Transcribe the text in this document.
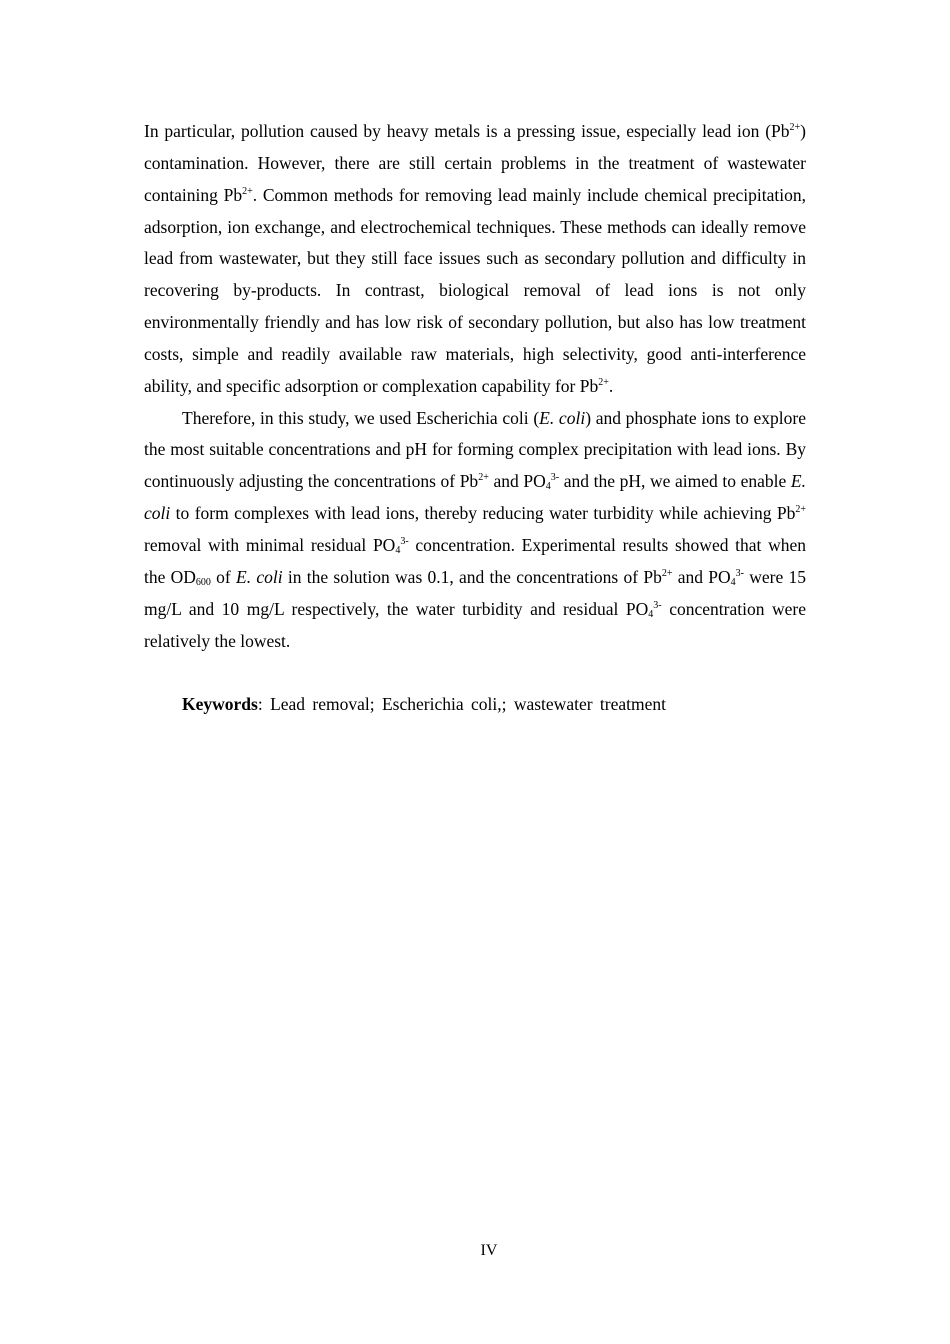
In particular, pollution caused by heavy metals is a pressing issue, especially lead ion $(Pb^{2+})$ contamination. However, there are still certain problems in the treatment of wastewater containing $Pb^{2+}$. Common methods for removing lead mainly include chemical precipitation, adsorption, ion exchange, and electrochemical techniques. These methods can ideally remove lead from wastewater, but they still face issues such as secondary pollution and difficulty in recovering by-products. In contrast, biological removal of lead ions is not only environmentally friendly and has low risk of secondary pollution, but also has low treatment costs, simple and readily available raw materials, high selectivity, good anti-interference ability, and specific adsorption or complexation capability for $Pb^{2+}$.

Therefore, in this study, we used Escherichia coli (E. coli) and phosphate ions to explore the most suitable concentrations and pH for forming complex precipitation with lead ions. By continuously adjusting the concentrations of $Pb^{2+}$ and $PO_4^{3-}$ and the pH, we aimed to enable E. coli to form complexes with lead ions, thereby reducing water turbidity while achieving $Pb^{2+}$ removal with minimal residual $PO_4^{3-}$ concentration. Experimental results showed that when the $OD_{600}$ of E. coli in the solution was 0.1, and the concentrations of $Pb^{2+}$ and $PO_4^{3-}$ were 15 mg/L and 10 mg/L respectively, the water turbidity and residual $PO_4^{3-}$ concentration were relatively the lowest.

Keywords: Lead removal; Escherichia coli,; wastewater treatment

IV
